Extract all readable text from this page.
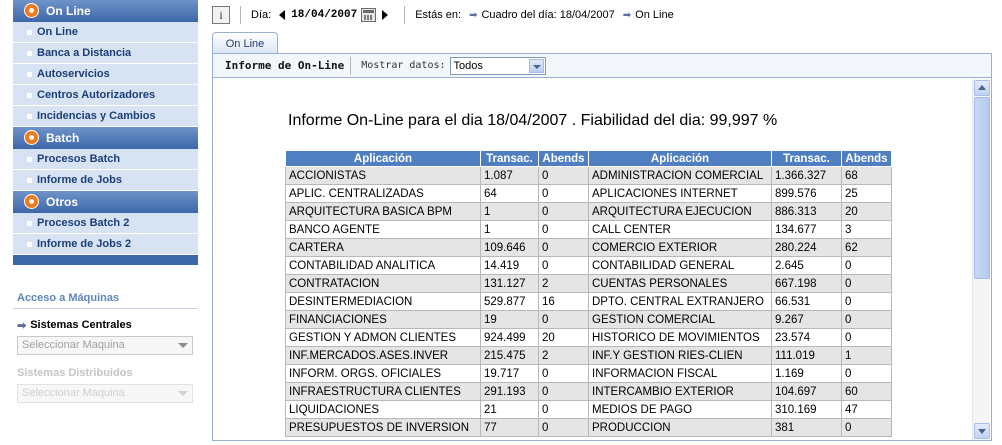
On Line
On Line
Banca a Distancia
Autoservicios
Centros Autorizadores
Incidencias y Cambios
Batch
Procesos Batch
Informe de Jobs
Otros
Procesos Batch 2
Informe de Jobs 2
Acceso a Máquinas
➡ Sistemas Centrales
Seleccionar Maquina
Sistemas Distribuidos
Seleccionar Maquina
i	Día: 18/04/2007	Estás en: ➡ Cuadro del día: 18/04/2007 ➡ On Line
On Line
Informe de On-Line Mostrar datos: Todos
Informe On-Line para el dia 18/04/2007 . Fiabilidad del dia: 99,997 %
Aplicación	Transac.	Abends	Aplicación	Transac.	Abends
ACCIONISTAS	1.087	0	ADMINISTRACION COMERCIAL	1.366.327	68
APLIC. CENTRALIZADAS	64	0	APLICACIONES INTERNET	899.576	25
ARQUITECTURA BASICA BPM	1	0	ARQUITECTURA EJECUCION	886.313	20
BANCO AGENTE	1	0	CALL CENTER	134.677	3
CARTERA	109.646	0	COMERCIO EXTERIOR	280.224	62
CONTABILIDAD ANALITICA	14.419	0	CONTABILIDAD GENERAL	2.645	0
CONTRATACION	131.127	2	CUENTAS PERSONALES	667.198	0
DESINTERMEDIACION	529.877	16	DPTO. CENTRAL EXTRANJERO	66.531	0
FINANCIACIONES	19	0	GESTION COMERCIAL	9.267	0
GESTION Y ADMON CLIENTES	924.499	20	HISTORICO DE MOVIMIENTOS	23.574	0
INF.MERCADOS.ASES.INVER	215.475	2	INF.Y GESTION RIES-CLIEN	111.019	1
INFORM. ORGS. OFICIALES	19.717	0	INFORMACION FISCAL	1.169	0
INFRAESTRUCTURA CLIENTES	291.193	0	INTERCAMBIO EXTERIOR	104.697	60
LIQUIDACIONES	21	0	MEDIOS DE PAGO	310.169	47
PRESUPUESTOS DE INVERSION	77	0	PRODUCCION	381	0
